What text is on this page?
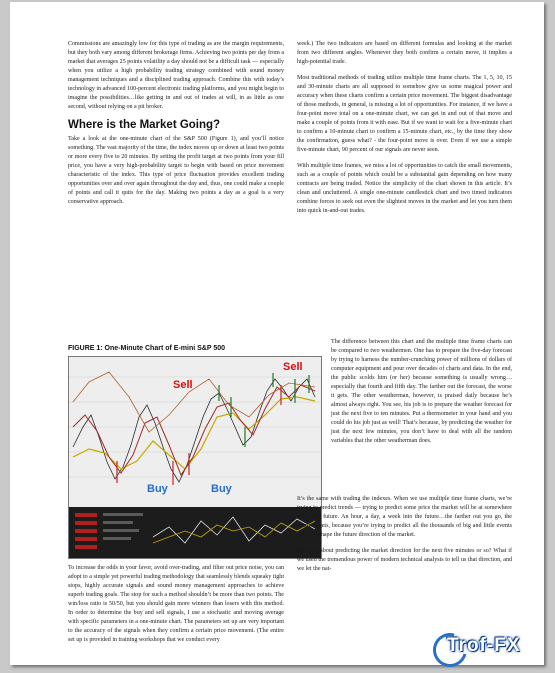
Commissions are amazingly low for this type of trading as are the margin requirements, but they both vary among different brokerage firms. Achieving two points per day from a market that averages 25 points volatility a day should not be a difficult task — especially when you utilize a high probability trading strategy combined with sound money management techniques and a disciplined trading approach. Combine this with today’s technology in advanced 100-percent electronic trading platforms, and you might begin to imagine the possibilities…like getting in and out of trades at will, in as little as one second, without relying on a pit broker.

Where is the Market Going?

Take a look at the one-minute chart of the S&P 500 (Figure 1), and you’ll notice something. The vast majority of the time, the index moves up or down at least two points or more every five to 20 minutes. By setting the profit target at two points from your fill price, you have a very high-probability target to begin with based on price movement characteristic of the index. This type of price fluctuation provides excellent trading opportunities over and over again throughout the day and, thus, one could make a couple of points and call it quits for the day. Making two points a day as a goal is a very conservative approach.

FIGURE 1: One-Minute Chart of E-mini S&P 500
Sell
Sell
Buy	Buy

To increase the odds in your favor, avoid over-trading, and filter out price noise, you can adopt to a simple yet powerful trading methodology that seamlessly blends squeaky tight stops, highly accurate signals and sound money management approaches to achieve superb trading goals. The stop for such a method shouldn’t be more than two points. The win/loss ratio is 50/50, but you should gain more winners than losers with this method. In order to determine the buy and sell signals, I use a stochastic and moving average with specific parameters in a one-minute chart. The parameters set up are very important to the accuracy of the signals when they confirm a certain price movement. (The entire set up is provided in training workshops that we conduct every

week.) The two indicators are based on different formulas and looking at the market from two different angles. Whenever they both confirm a certain move, it implies a high-potential trade.

Most traditional methods of trading utilize multiple time frame charts. The 1, 5, 10, 15 and 30-minute charts are all supposed to somehow give us some magical power and accuracy when these charts confirm a certain price movement. The biggest disadvantage of those methods, in general, is missing a lot of opportunities. For instance, if we have a four-point move total on a one-minute chart, we can get in and out of that move and make a couple of points from it with ease. But if we want to wait for a five-minute chart to confirm a 10-minute chart to confirm a 15-minute chart, etc., by the time they show the confirmation, guess what? - the four-point move is over. Even if we use a simple five-minute chart, 90 percent of our signals are never seen.

With multiple time frames, we miss a lot of opportunities to catch the small movements, such as a couple of points which could be a substantial gain depending on how many contracts are being traded. Notice the simplicity of the chart shown in this article. It’s clean and uncluttered. A single one-minute candlestick chart and two timed indicators combine forces to seek out even the slightest moves in the market and let you turn them into quick in-and-out trades.

The difference between this chart and the multiple time frame charts can be compared to two weathermen. One has to prepare the five-day forecast by trying to harness the number-crunching power of millions of dollars of computer equipment and pour over decades of charts and data. In the end, the public scolds him (or her) because something is usually wrong…especially that fourth and fifth day. The farther out the forecast, the worse it gets. The other weatherman, however, is praised daily because he’s almost always right. You see, his job is to prepare the weather forecast for just the next five to ten minutes. Put a thermometer in your hand and you could do his job just as well! That’s because, by predicting the weather for just the next few minutes, you don’t have to deal with all the random variables that the other weatherman does.

It’s the same with trading the indexes. When we use multiple time frame charts, we’re trying to predict trends — trying to predict some price the market will be at somewhere off in the future. An hour, a day, a week into the future…the farther out you go, the worse it gets, because you’re trying to predict all the thousands of big and little events that will shape the future direction of the market.

But how about predicting the market direction for the next five minutes or so? What if we used the tremendous power of modern technical analysis to tell us that direction, and we let the nat-

Trof-FX
